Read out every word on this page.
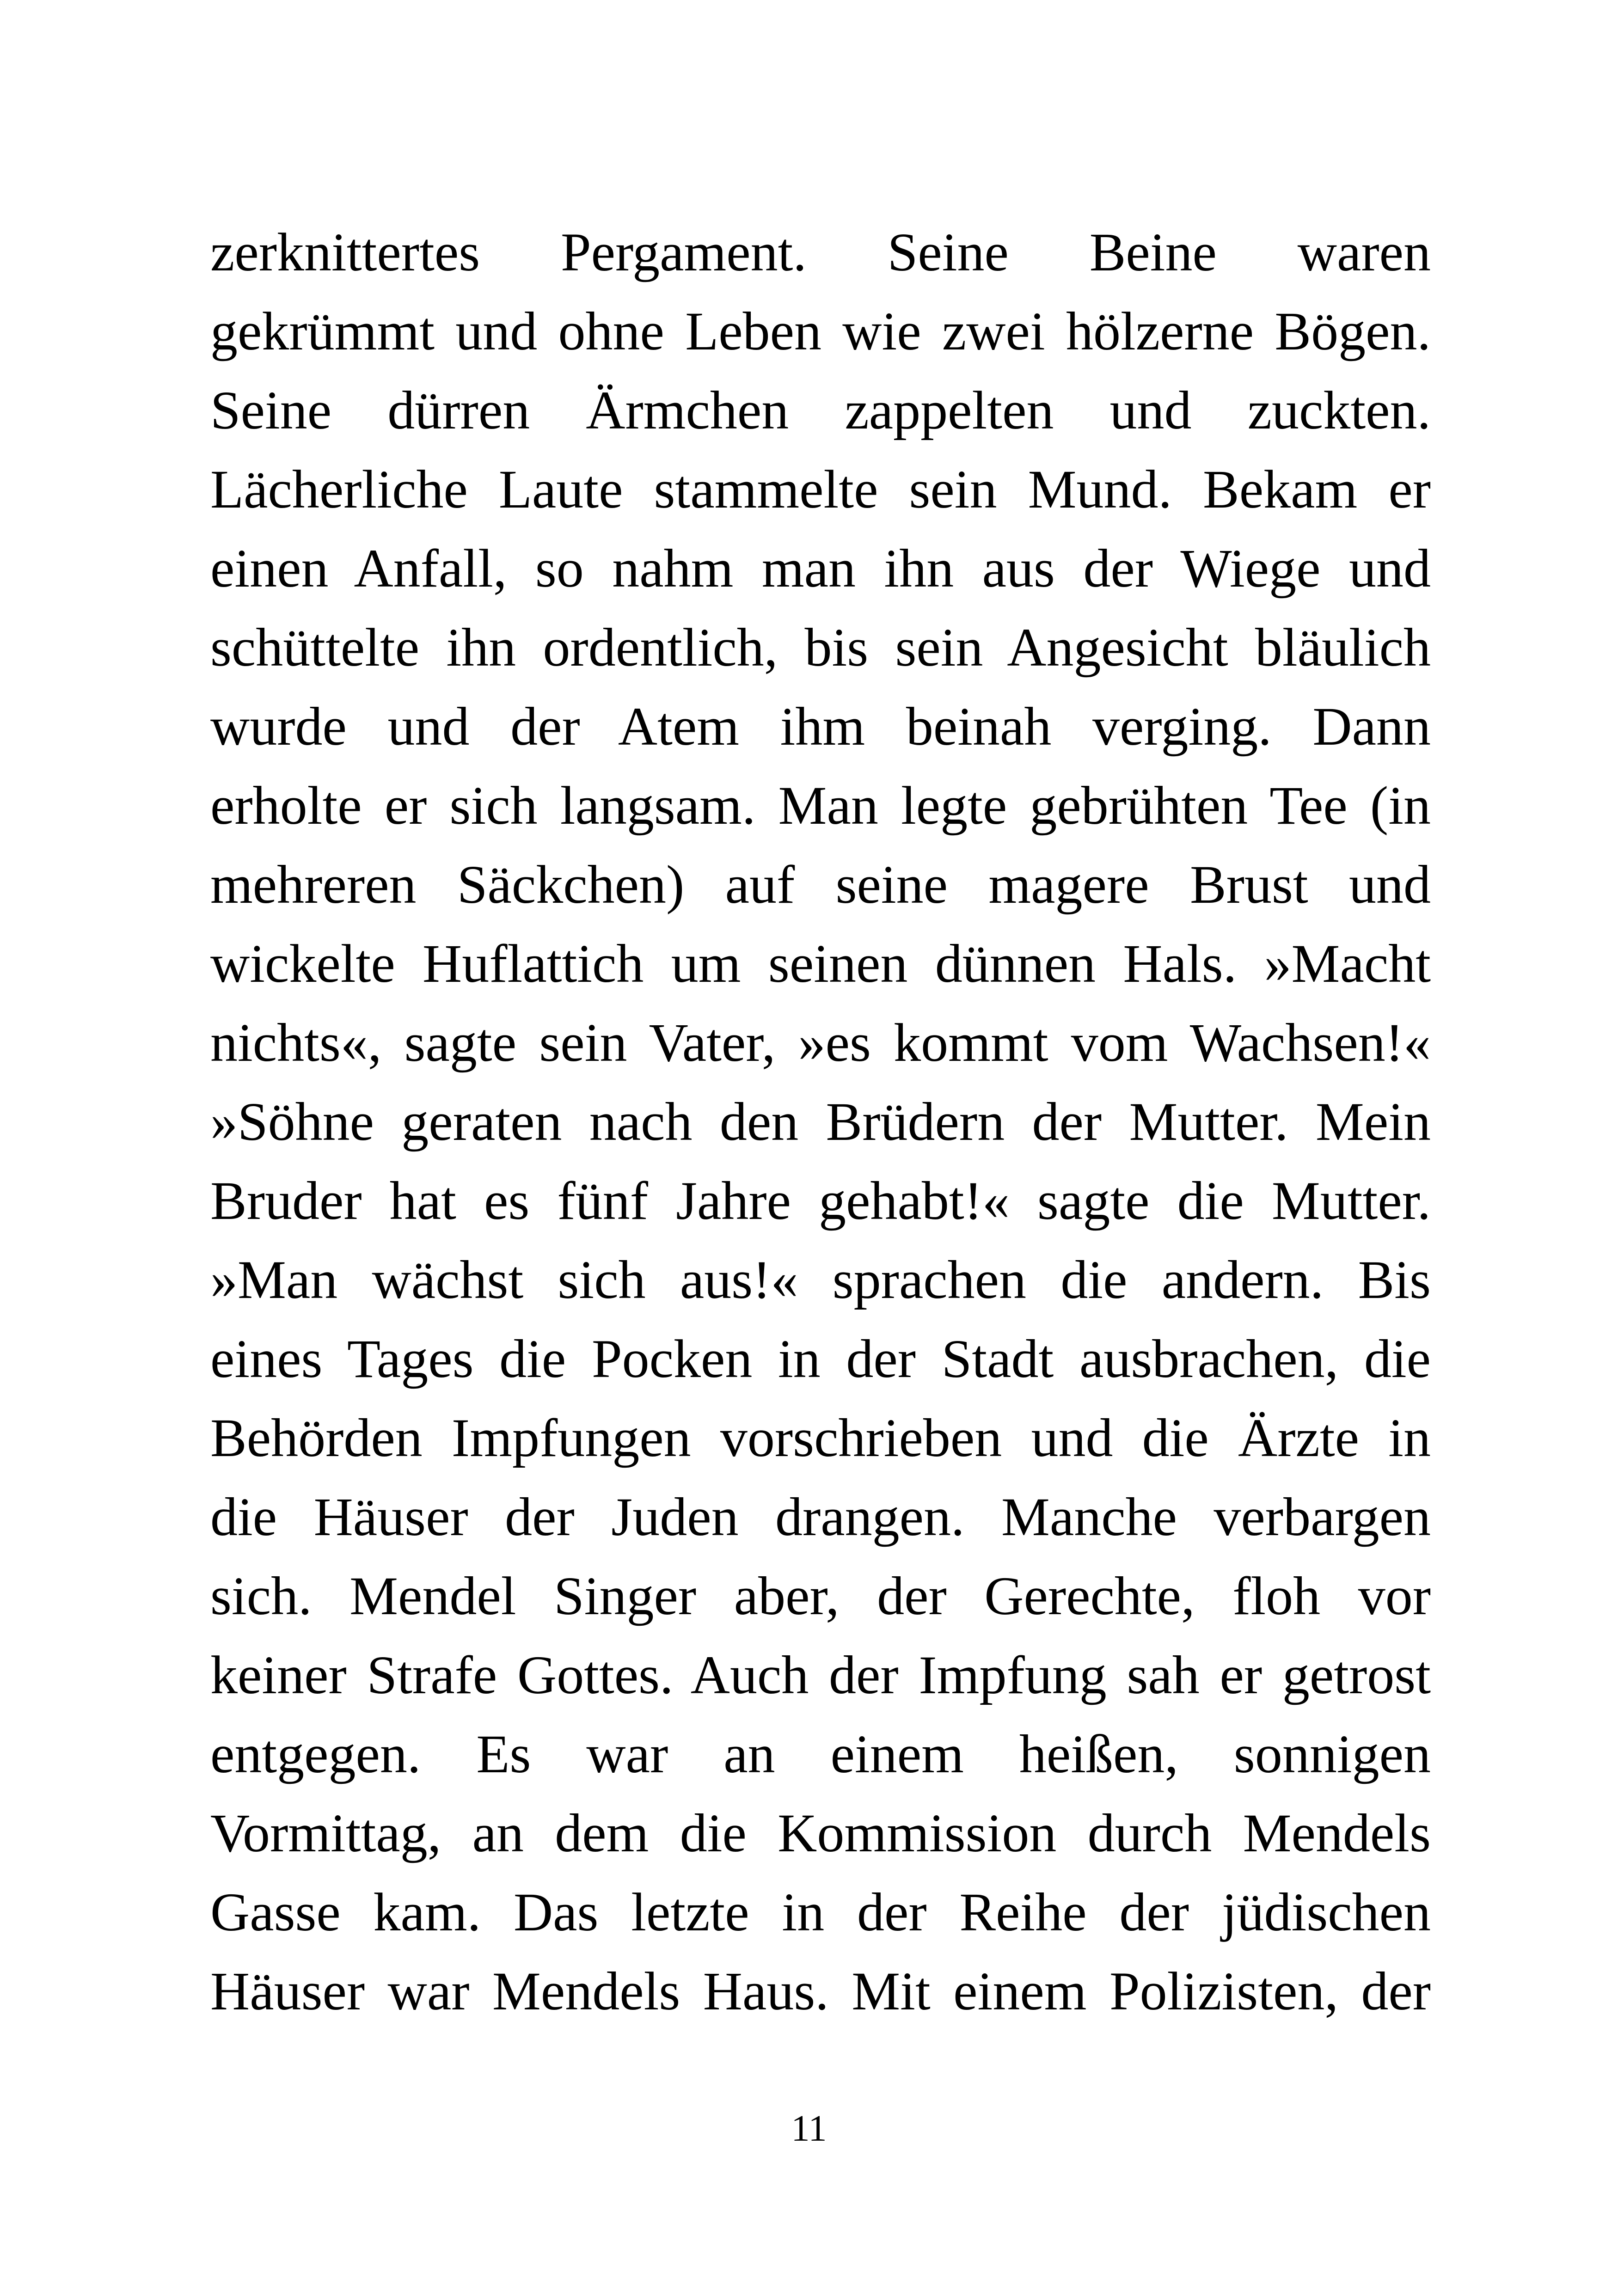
zerknittertes Pergament. Seine Beine waren
gekrümmt und ohne Leben wie zwei hölzerne Bögen.
Seine dürren Ärmchen zappelten und zuckten.
Lächerliche Laute stammelte sein Mund. Bekam er
einen Anfall, so nahm man ihn aus der Wiege und
schüttelte ihn ordentlich, bis sein Angesicht bläulich
wurde und der Atem ihm beinah verging. Dann
erholte er sich langsam. Man legte gebrühten Tee (in
mehreren Säckchen) auf seine magere Brust und
wickelte Huflattich um seinen dünnen Hals. »Macht
nichts«, sagte sein Vater, »es kommt vom Wachsen!«
»Söhne geraten nach den Brüdern der Mutter. Mein
Bruder hat es fünf Jahre gehabt!« sagte die Mutter.
»Man wächst sich aus!« sprachen die andern. Bis
eines Tages die Pocken in der Stadt ausbrachen, die
Behörden Impfungen vorschrieben und die Ärzte in
die Häuser der Juden drangen. Manche verbargen
sich. Mendel Singer aber, der Gerechte, floh vor
keiner Strafe Gottes. Auch der Impfung sah er getrost
entgegen. Es war an einem heißen, sonnigen
Vormittag, an dem die Kommission durch Mendels
Gasse kam. Das letzte in der Reihe der jüdischen
Häuser war Mendels Haus. Mit einem Polizisten, der
11
